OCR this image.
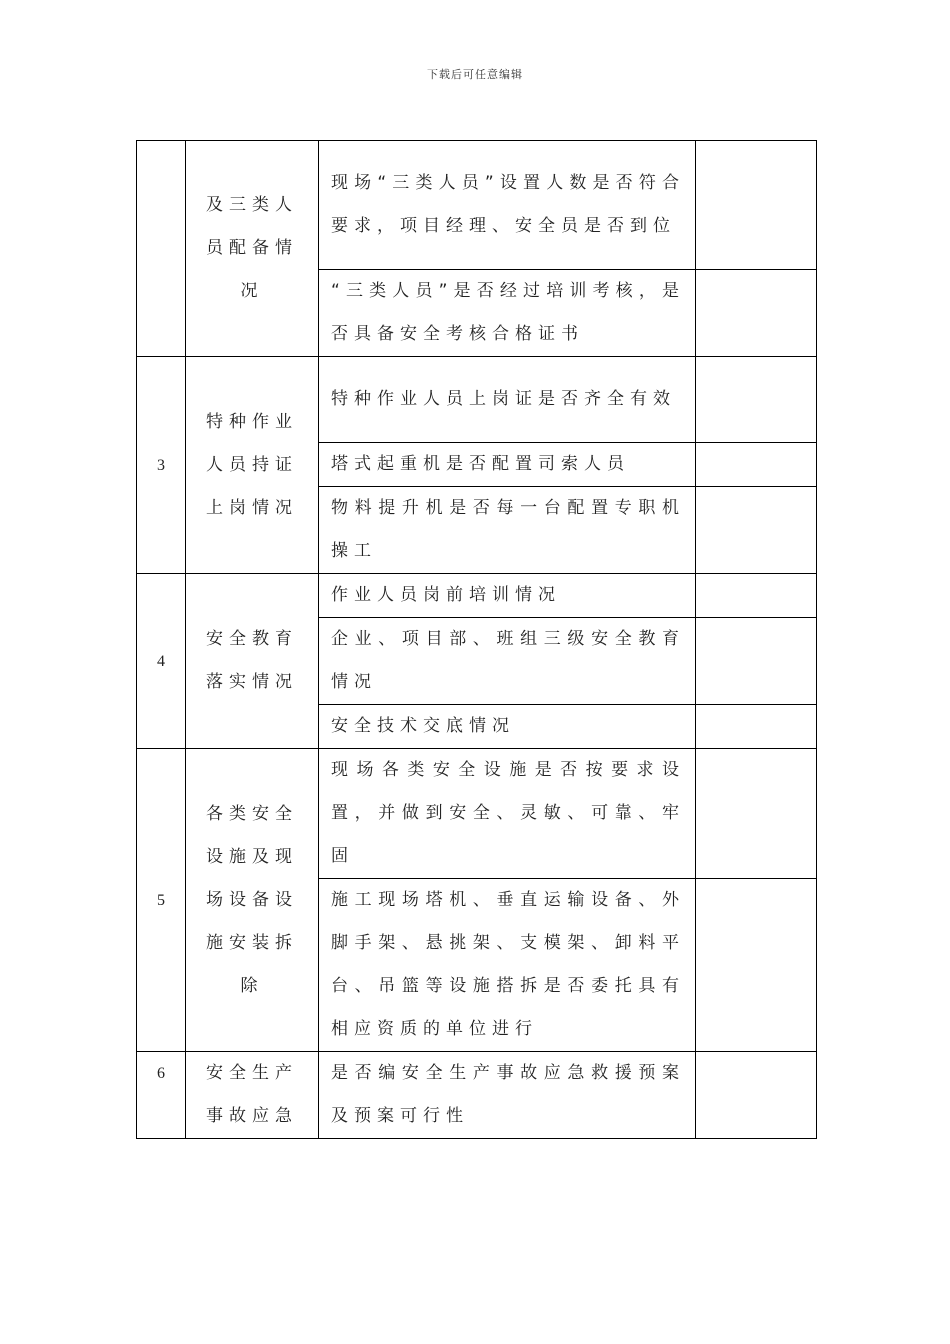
下载后可任意编辑
	及三类人员配备情况	现场“三类人员”设置人数是否符合要求，项目经理、安全员是否到位	
		“三类人员”是否经过培训考核，是否具备安全考核合格证书	
3	特种作业人员持证上岗情况	特种作业人员上岗证是否齐全有效	
		塔式起重机是否配置司索人员	
		物料提升机是否每一台配置专职机操工	
4	安全教育落实情况	作业人员岗前培训情况	
		企业、项目部、班组三级安全教育情况	
		安全技术交底情况	
5	各类安全设施及现场设备设施安装拆除	现场各类安全设施是否按要求设置，并做到安全、灵敏、可靠、牢固	
		施工现场塔机、垂直运输设备、外脚手架、悬挑架、支模架、卸料平台、吊篮等设施搭拆是否委托具有相应资质的单位进行	
6	安全生产事故应急	是否编安全生产事故应急救援预案及预案可行性	
